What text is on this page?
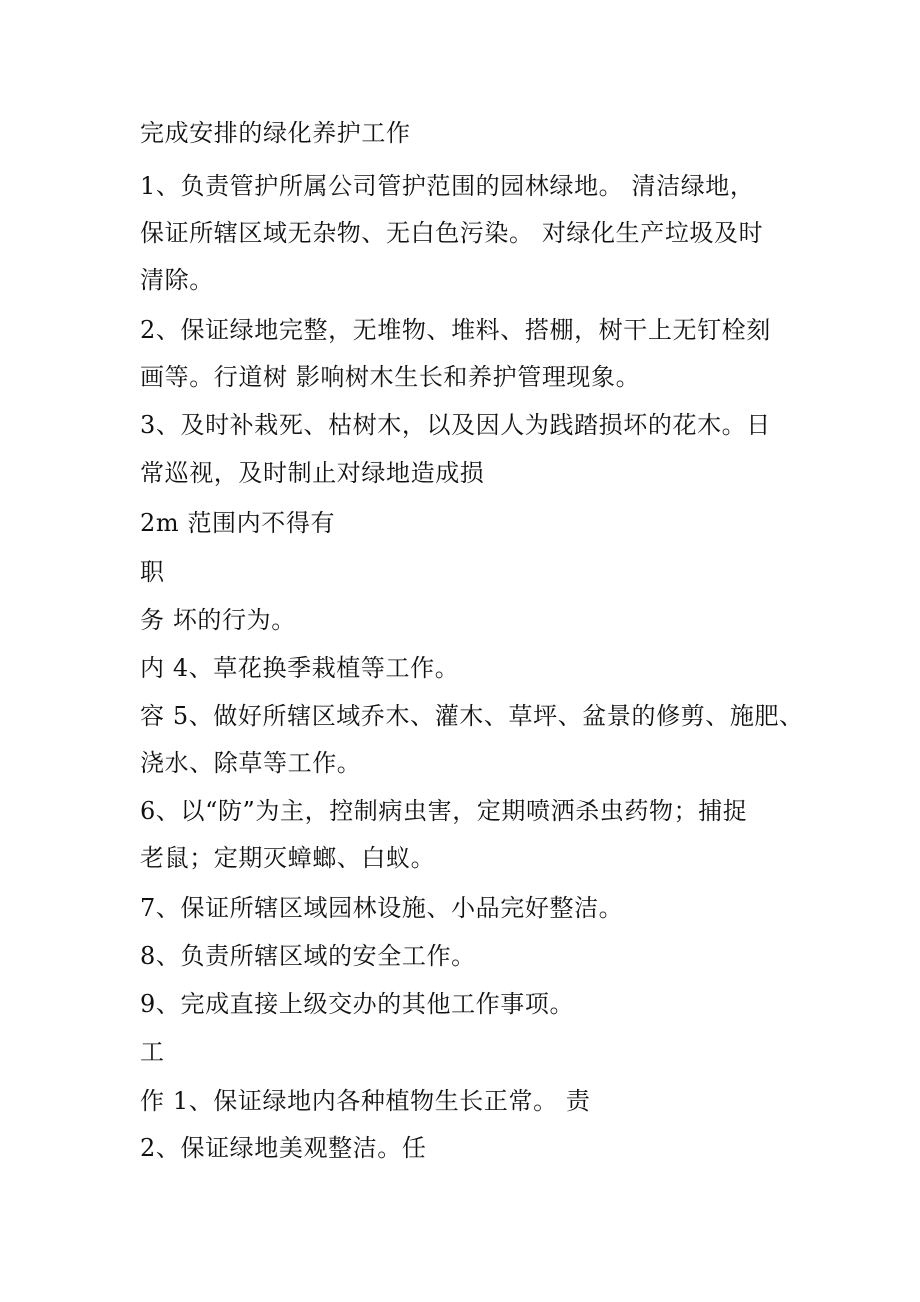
完成安排的绿化养护工作
1、负责管护所属公司管护范围的园林绿地。 清洁绿地，
保证所辖区域无杂物、无白色污染。 对绿化生产垃圾及时
清除。
2、保证绿地完整，无堆物、堆料、搭棚，树干上无钉栓刻
画等。行道树 影响树木生长和养护管理现象。
3、及时补栽死、枯树木，以及因人为践踏损坏的花木。日
常巡视，及时制止对绿地造成损
2m 范围内不得有
职
务 坏的行为。
内 4、草花换季栽植等工作。
容 5、做好所辖区域乔木、灌木、草坪、盆景的修剪、施肥、
浇水、除草等工作。
6、以“防”为主，控制病虫害，定期喷洒杀虫药物；捕捉
老鼠；定期灭蟑螂、白蚁。
7、保证所辖区域园林设施、小品完好整洁。
8、负责所辖区域的安全工作。
9、完成直接上级交办的其他工作事项。
工
作 1、保证绿地内各种植物生长正常。 责
2、保证绿地美观整洁。任
